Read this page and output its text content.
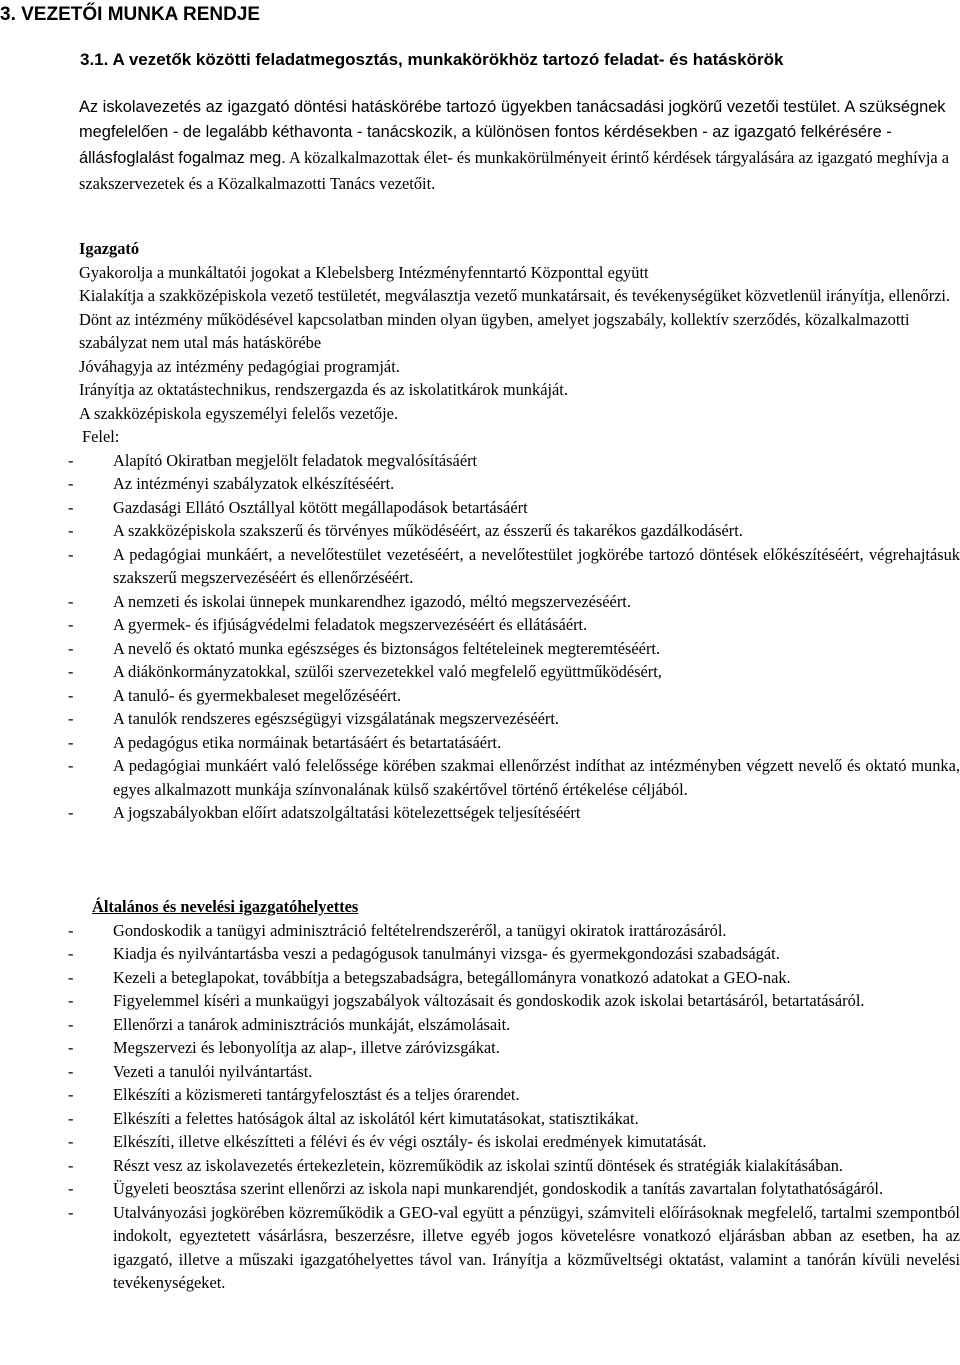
3. VEZETŐI MUNKA RENDJE
3.1. A vezetők közötti feladatmegosztás, munkakörökhöz tartozó feladat- és hatáskörök
Az iskolavezetés az igazgató döntési hatáskörébe tartozó ügyekben tanácsadási jogkörű vezetői testület. A szükségnek megfelelően - de legalább kéthavonta - tanácskozik, a különösen fontos kérdésekben - az igazgató felkérésére - állásfoglalást fogalmaz meg. A közalkalmazottak élet- és munkakörülményeit érintő kérdések tárgyalására az igazgató meghívja a szakszervezetek és a Közalkalmazotti Tanács vezetőit.

Igazgató

Gyakorolja a munkáltatói jogokat a Klebelsberg Intézményfenntartó Központtal együtt

Kialakítja a szakközépiskola vezető testületét, megválasztja vezető munkatársait, és tevékenységüket közvetlenül irányítja, ellenőrzi.

Dönt az intézmény működésével kapcsolatban minden olyan ügyben, amelyet jogszabály, kollektív szerződés, közalkalmazotti szabályzat nem utal más hatáskörébe

Jóváhagyja az intézmény pedagógiai programját.

Irányítja az oktatástechnikus, rendszergazda és az iskolatitkárok munkáját.

A szakközépiskola egyszemélyi felelős vezetője.

Felel:

- Alapító Okiratban megjelölt feladatok megvalósításáért
- Az intézményi szabályzatok elkészítéséért.
- Gazdasági Ellátó Osztállyal kötött megállapodások betartásáért
- A szakközépiskola szakszerű és törvényes működéséért, az ésszerű és takarékos gazdálkodásért.
- A pedagógiai munkáért, a nevelőtestület vezetéséért, a nevelőtestület jogkörébe tartozó döntések előkészítéséért, végrehajtásuk szakszerű megszervezéséért és ellenőrzéséért.
- A nemzeti és iskolai ünnepek munkarendhez igazodó, méltó megszervezéséért.
- A gyermek- és ifjúságvédelmi feladatok megszervezéséért és ellátásáért.
- A nevelő és oktató munka egészséges és biztonságos feltételeinek megteremtéséért.
- A diákönkormányzatokkal, szülői szervezetekkel való megfelelő együttműködésért,
- A tanuló- és gyermekbaleset megelőzéséért.
- A tanulók rendszeres egészségügyi vizsgálatának megszervezéséért.
- A pedagógus etika normáinak betartásáért és betartatásáért.
- A pedagógiai munkáért való felelőssége körében szakmai ellenőrzést indíthat az intézményben végzett nevelő és oktató munka, egyes alkalmazott munkája színvonalának külső szakértővel történő értékelése céljából.
- A jogszabályokban előírt adatszolgáltatási kötelezettségek teljesítéséért

Általános és nevelési igazgatóhelyettes

- Gondoskodik a tanügyi adminisztráció feltételrendszeréről, a tanügyi okiratok irattározásáról.
- Kiadja és nyilvántartásba veszi a pedagógusok tanulmányi vizsga- és gyermekgondozási szabadságát.
- Kezeli a beteglapokat, továbbítja a betegszabadságra, betegállományra vonatkozó adatokat a GEO-nak.
- Figyelemmel kíséri a munkaügyi jogszabályok változásait és gondoskodik azok iskolai betartásáról, betartatásáról.
- Ellenőrzi a tanárok adminisztrációs munkáját, elszámolásait.
- Megszervezi és lebonyolítja az alap-, illetve záróvizsgákat.
- Vezeti a tanulói nyilvántartást.
- Elkészíti a közismereti tantárgyfelosztást és a teljes órarendet.
- Elkészíti a felettes hatóságok által az iskolától kért kimutatásokat, statisztikákat.
- Elkészíti, illetve elkészítteti a félévi és év végi osztály- és iskolai eredmények kimutatását.
- Részt vesz az iskolavezetés értekezletein, közreműködik az iskolai szintű döntések és stratégiák kialakításában.
- Ügyeleti beosztása szerint ellenőrzi az iskola napi munkarendjét, gondoskodik a tanítás zavartalan folytathatóságáról.
- Utalványozási jogkörében közreműködik a GEO-val együtt a pénzügyi, számviteli előírásoknak megfelelő, tartalmi szempontból indokolt, egyeztetett vásárlásra, beszerzésre, illetve egyéb jogos követelésre vonatkozó eljárásban abban az esetben, ha az igazgató, illetve a műszaki igazgatóhelyettes távol van. Irányítja a közműveltségi oktatást, valamint a tanórán kívüli nevelési tevékenységeket.
